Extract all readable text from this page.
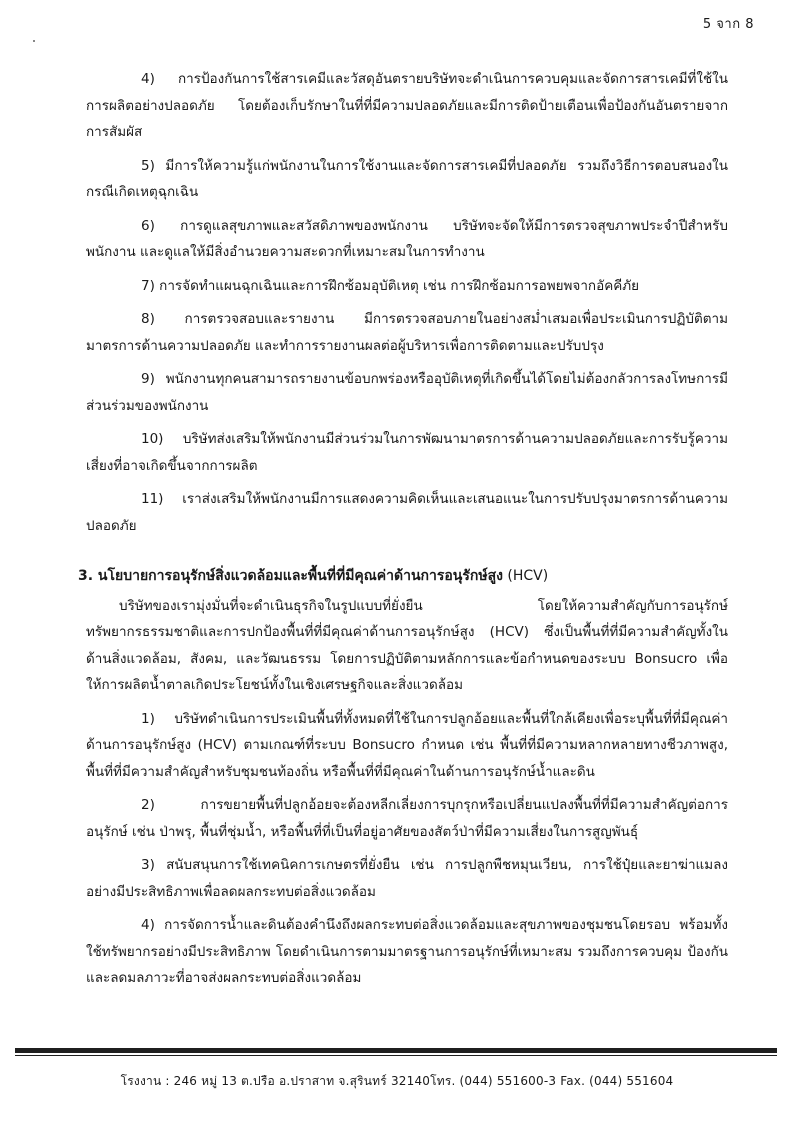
5 จาก 8

4) การป้องกันการใช้สารเคมีและวัสดุอันตรายบริษัทจะดำเนินการควบคุมและจัดการสารเคมีที่ใช้ในการผลิตอย่างปลอดภัย โดยต้องเก็บรักษาในที่ที่มีความปลอดภัยและมีการติดป้ายเตือนเพื่อป้องกันอันตรายจากการสัมผัส

5) มีการให้ความรู้แก่พนักงานในการใช้งานและจัดการสารเคมีที่ปลอดภัย รวมถึงวิธีการตอบสนองในกรณีเกิดเหตุฉุกเฉิน

6) การดูแลสุขภาพและสวัสดิภาพของพนักงาน บริษัทจะจัดให้มีการตรวจสุขภาพประจำปีสำหรับพนักงาน และดูแลให้มีสิ่งอำนวยความสะดวกที่เหมาะสมในการทำงาน

7) การจัดทำแผนฉุกเฉินและการฝึกซ้อมอุบัติเหตุ เช่น การฝึกซ้อมการอพยพจากอัคคีภัย

8) การตรวจสอบและรายงาน มีการตรวจสอบภายในอย่างสม่ำเสมอเพื่อประเมินการปฏิบัติตามมาตรการด้านความปลอดภัย และทำการรายงานผลต่อผู้บริหารเพื่อการติดตามและปรับปรุง

9) พนักงานทุกคนสามารถรายงานข้อบกพร่องหรืออุบัติเหตุที่เกิดขึ้นได้โดยไม่ต้องกลัวการลงโทษการมีส่วนร่วมของพนักงาน

10) บริษัทส่งเสริมให้พนักงานมีส่วนร่วมในการพัฒนามาตรการด้านความปลอดภัยและการรับรู้ความเสี่ยงที่อาจเกิดขึ้นจากการผลิต

11) เราส่งเสริมให้พนักงานมีการแสดงความคิดเห็นและเสนอแนะในการปรับปรุงมาตรการด้านความปลอดภัย

3. นโยบายการอนุรักษ์สิ่งแวดล้อมและพื้นที่ที่มีคุณค่าด้านการอนุรักษ์สูง (HCV)

บริษัทของเรามุ่งมั่นที่จะดำเนินธุรกิจในรูปแบบที่ยั่งยืน โดยให้ความสำคัญกับการอนุรักษ์ทรัพยากรธรรมชาติและการปกป้องพื้นที่ที่มีคุณค่าด้านการอนุรักษ์สูง (HCV) ซึ่งเป็นพื้นที่ที่มีความสำคัญทั้งในด้านสิ่งแวดล้อม, สังคม, และวัฒนธรรม โดยการปฏิบัติตามหลักการและข้อกำหนดของระบบ Bonsucro เพื่อให้การผลิตน้ำตาลเกิดประโยชน์ทั้งในเชิงเศรษฐกิจและสิ่งแวดล้อม

1) บริษัทดำเนินการประเมินพื้นที่ทั้งหมดที่ใช้ในการปลูกอ้อยและพื้นที่ใกล้เคียงเพื่อระบุพื้นที่ที่มีคุณค่าด้านการอนุรักษ์สูง (HCV) ตามเกณฑ์ที่ระบบ Bonsucro กำหนด เช่น พื้นที่ที่มีความหลากหลายทางชีวภาพสูง, พื้นที่ที่มีความสำคัญสำหรับชุมชนท้องถิ่น หรือพื้นที่ที่มีคุณค่าในด้านการอนุรักษ์น้ำและดิน

2) การขยายพื้นที่ปลูกอ้อยจะต้องหลีกเลี่ยงการบุกรุกหรือเปลี่ยนแปลงพื้นที่ที่มีความสำคัญต่อการอนุรักษ์ เช่น ป่าพรุ, พื้นที่ชุ่มน้ำ, หรือพื้นที่ที่เป็นที่อยู่อาศัยของสัตว์ป่าที่มีความเสี่ยงในการสูญพันธุ์

3) สนับสนุนการใช้เทคนิคการเกษตรที่ยั่งยืน เช่น การปลูกพืชหมุนเวียน, การใช้ปุ๋ยและยาฆ่าแมลงอย่างมีประสิทธิภาพเพื่อลดผลกระทบต่อสิ่งแวดล้อม

4) การจัดการน้ำและดินต้องคำนึงถึงผลกระทบต่อสิ่งแวดล้อมและสุขภาพของชุมชนโดยรอบ พร้อมทั้งใช้ทรัพยากรอย่างมีประสิทธิภาพ โดยดำเนินการตามมาตรฐานการอนุรักษ์ที่เหมาะสม รวมถึงการควบคุม ป้องกันและลดมลภาวะที่อาจส่งผลกระทบต่อสิ่งแวดล้อม

โรงงาน : 246 หมู่ 13 ต.ปรือ อ.ปราสาท จ.สุรินทร์ 32140โทร. (044) 551600-3 Fax. (044) 551604
